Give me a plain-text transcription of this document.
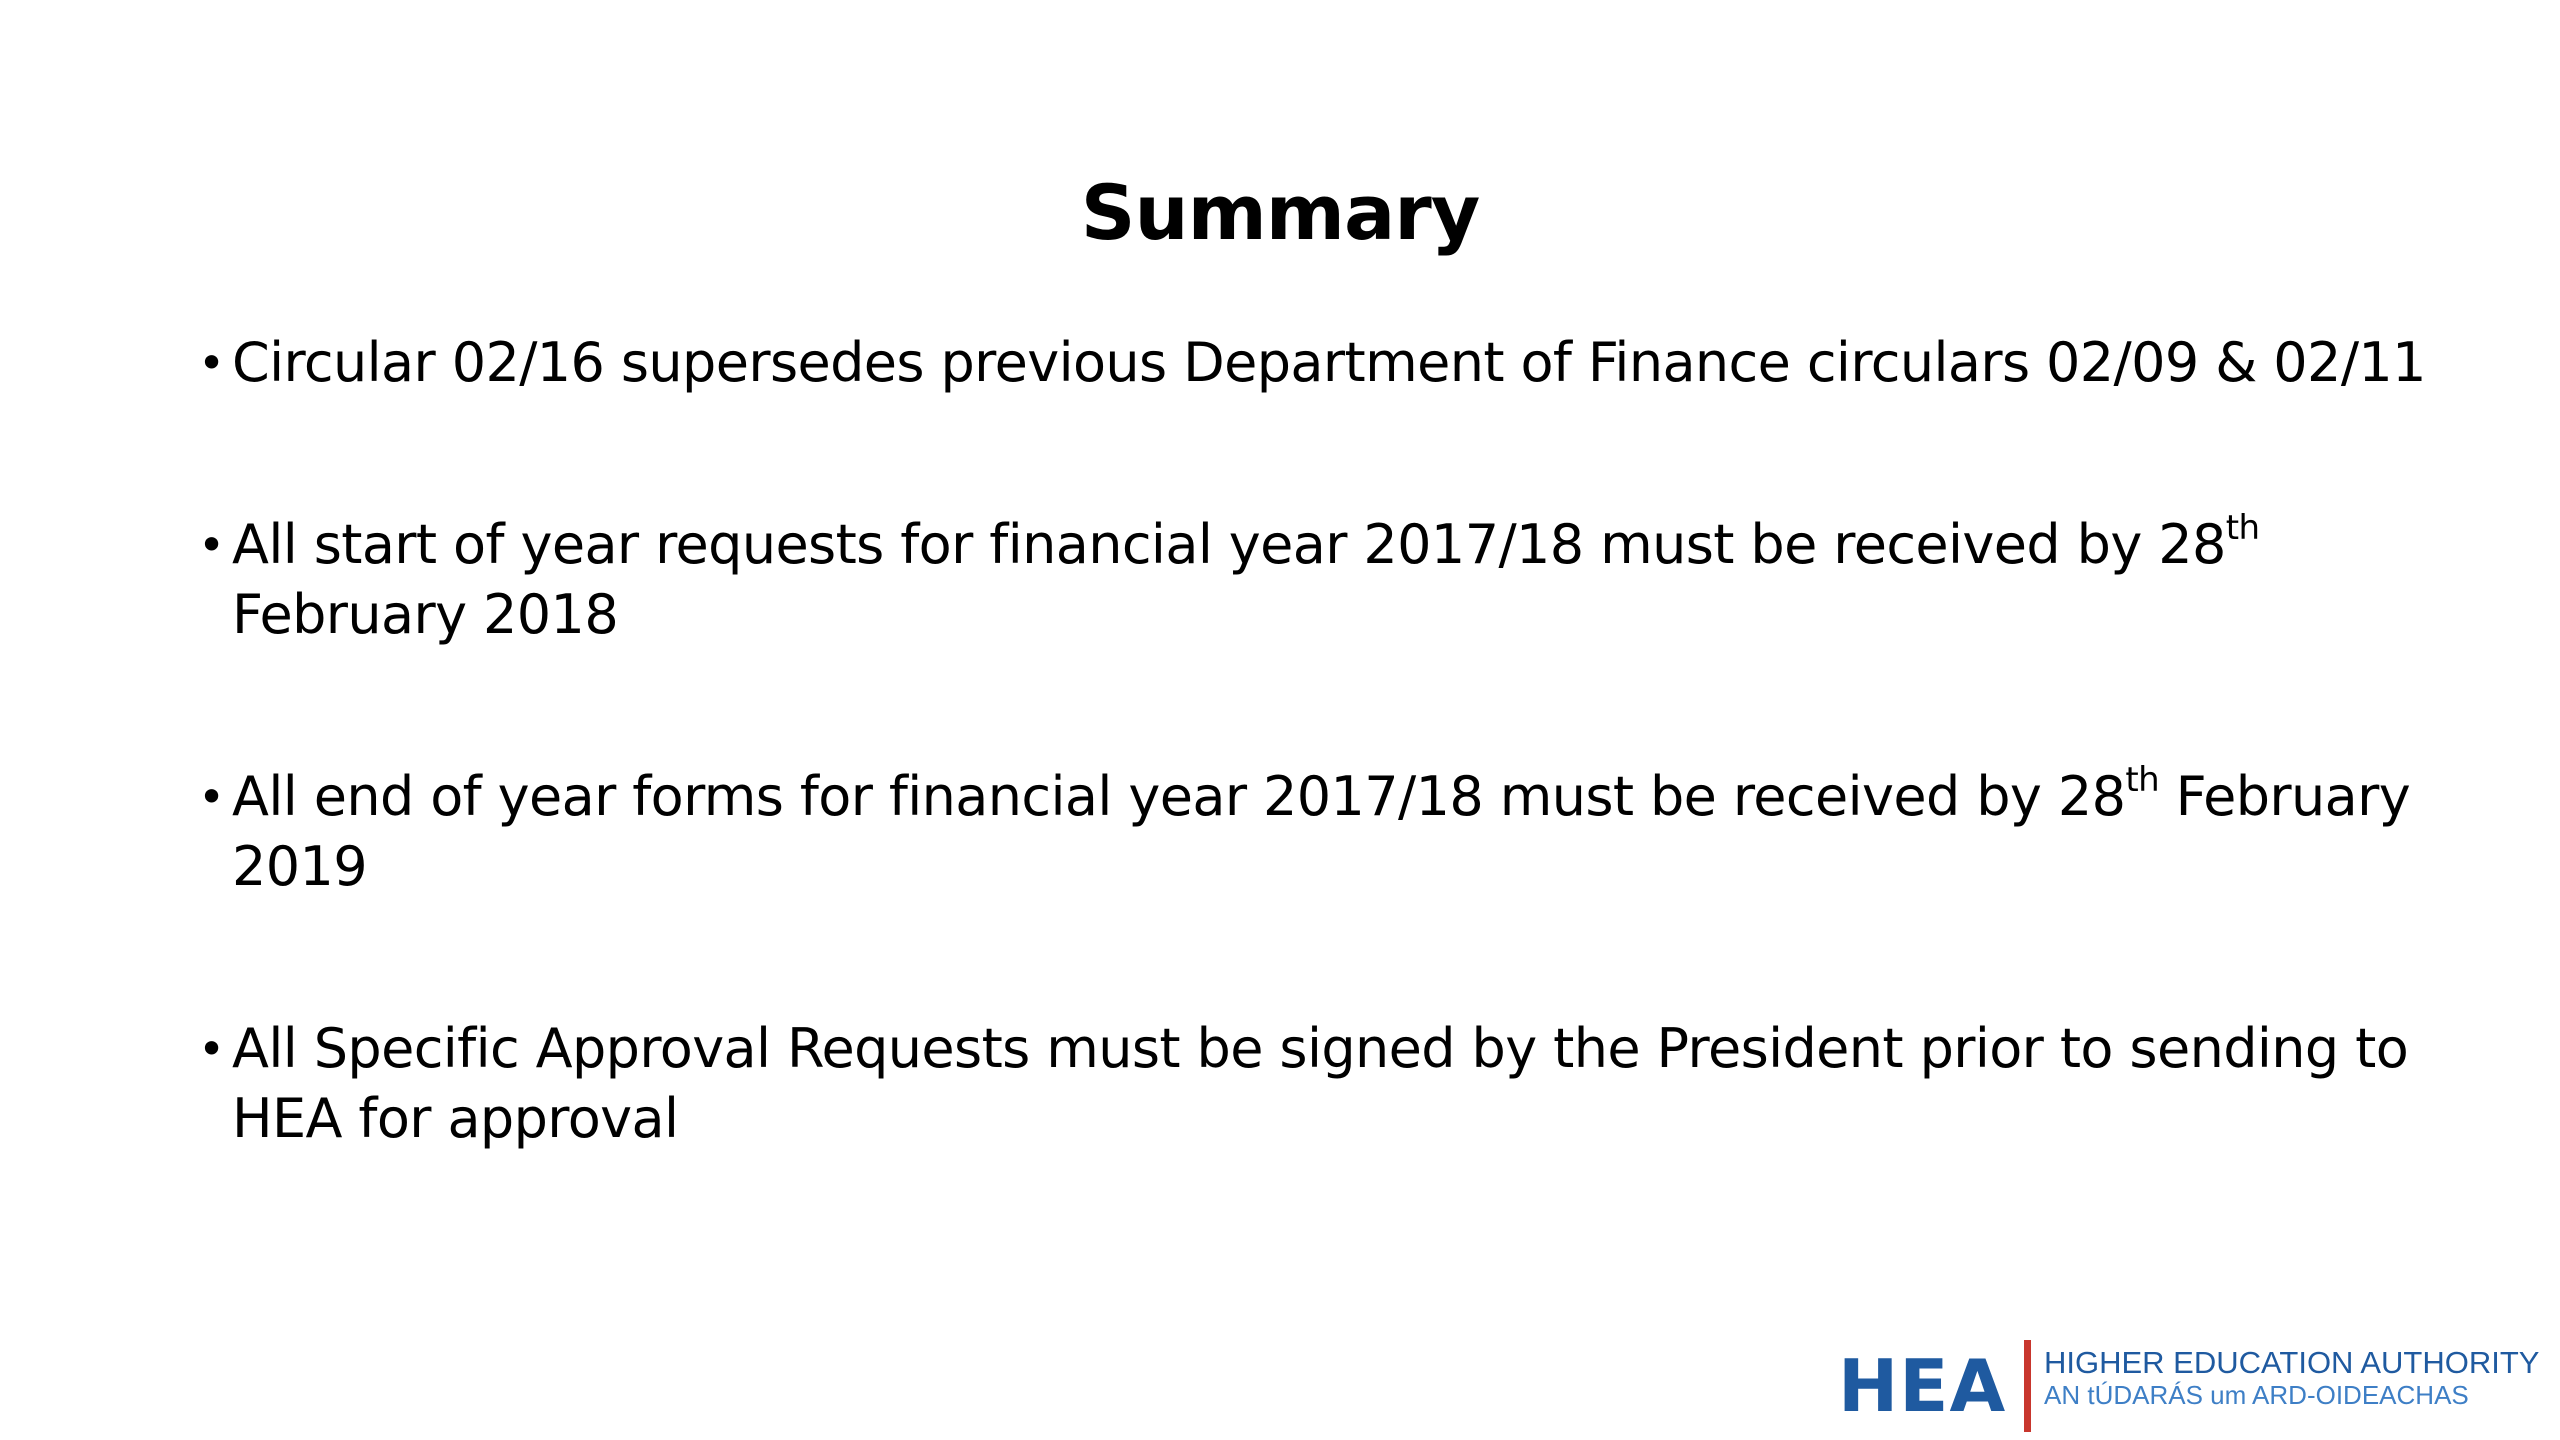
Summary
• Circular 02/16 supersedes previous Department of Finance circulars 02/09 & 02/11
• All start of year requests for financial year 2017/18 must be received by 28th February 2018
• All end of year forms for financial year 2017/18 must be received by 28th February 2019
• All Specific Approval Requests must be signed by the President prior to sending to HEA for approval
HEA HIGHER EDUCATION AUTHORITY
AN tÚDARÁS um ARD-OIDEACHAS
